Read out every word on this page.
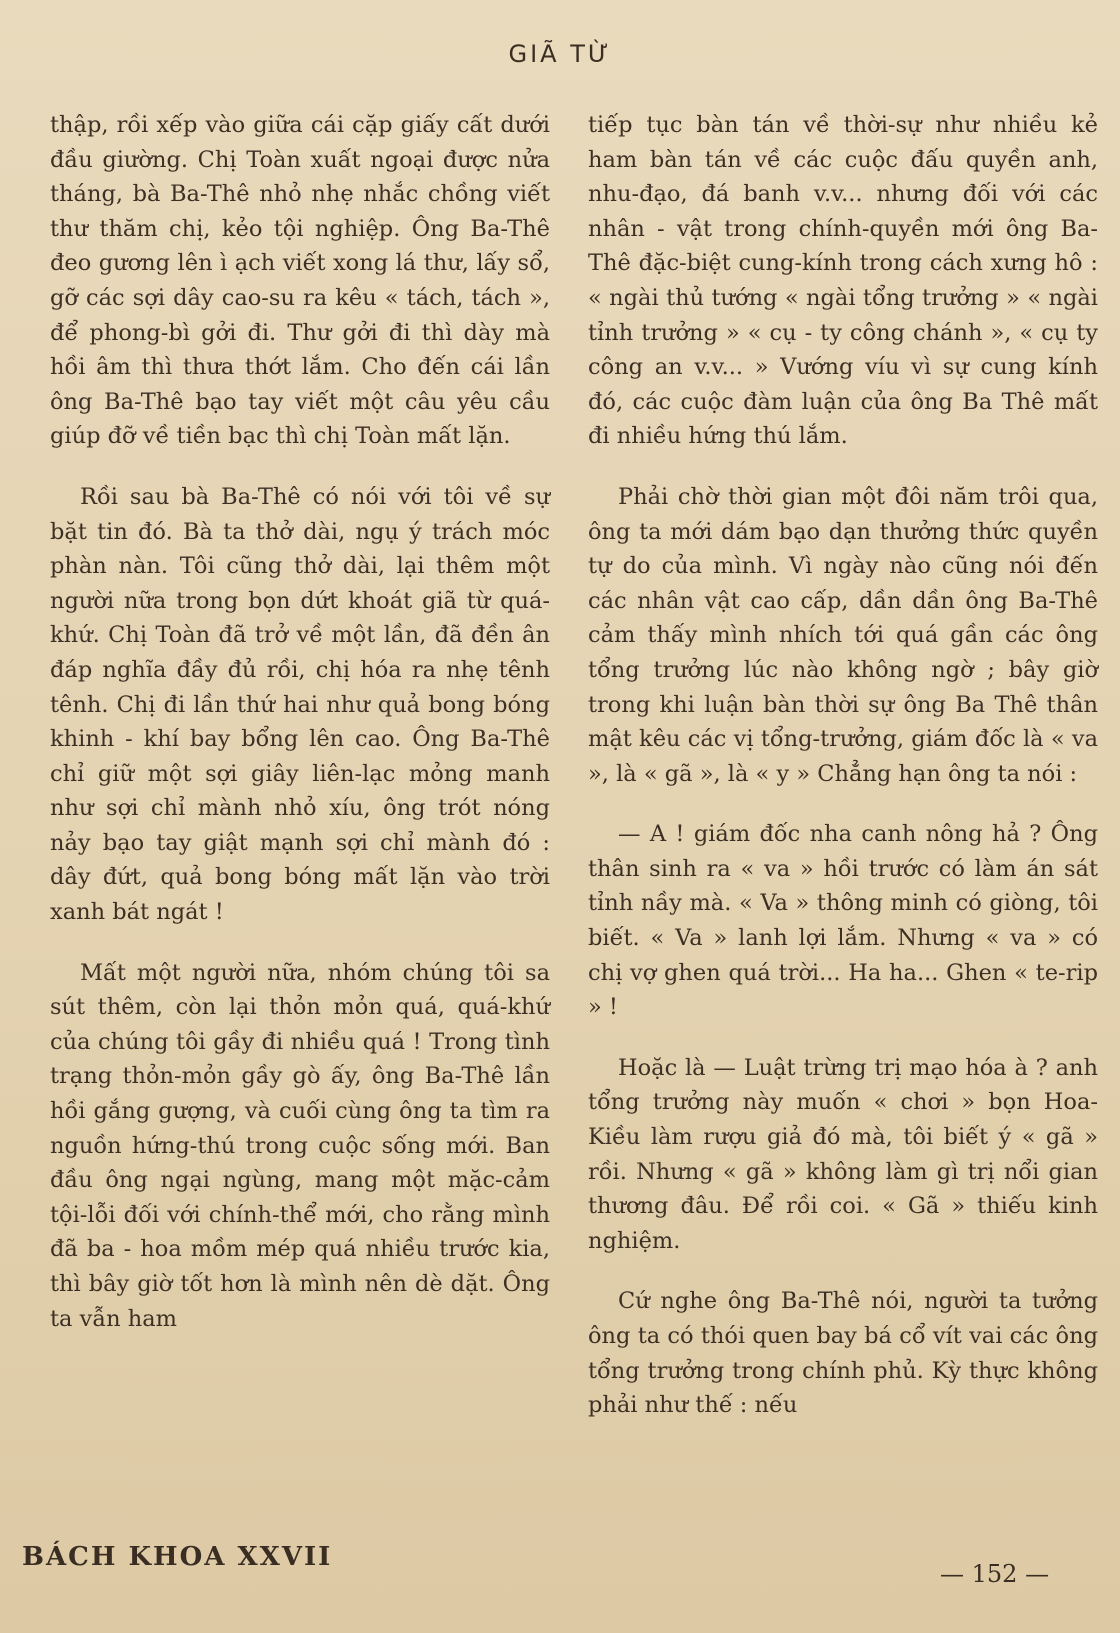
GIÃ TỪ

thập, rồi xếp vào giữa cái cặp giấy cất dưới đầu giường. Chị Toàn xuất ngoại được nửa tháng, bà Ba-Thê nhỏ nhẹ nhắc chồng viết thư thăm chị, kẻo tội nghiệp. Ông Ba-Thê đeo gương lên ì ạch viết xong lá thư, lấy sổ, gỡ các sợi dây cao-su ra kêu « tách, tách », để phong-bì gởi đi. Thư gởi đi thì dày mà hồi âm thì thưa thớt lắm. Cho đến cái lần ông Ba-Thê bạo tay viết một câu yêu cầu giúp đỡ về tiền bạc thì chị Toàn mất lặn.

Rồi sau bà Ba-Thê có nói với tôi về sự bặt tin đó. Bà ta thở dài, ngụ ý trách móc phàn nàn. Tôi cũng thở dài, lại thêm một người nữa trong bọn dứt khoát giã từ quá-khứ. Chị Toàn đã trở về một lần, đã đền ân đáp nghĩa đầy đủ rồi, chị hóa ra nhẹ tênh tênh. Chị đi lần thứ hai như quả bong bóng khinh - khí bay bổng lên cao. Ông Ba-Thê chỉ giữ một sợi giây liên-lạc mỏng manh như sợi chỉ mành nhỏ xíu, ông trót nóng nảy bạo tay giật mạnh sợi chỉ mành đó : dây đứt, quả bong bóng mất lặn vào trời xanh bát ngát !

Mất một người nữa, nhóm chúng tôi sa sút thêm, còn lại thỏn mỏn quá, quá-khứ của chúng tôi gầy đi nhiều quá ! Trong tình trạng thỏn-mỏn gầy gò ấy, ông Ba-Thê lần hồi gắng gượng, và cuối cùng ông ta tìm ra nguồn hứng-thú trong cuộc sống mới. Ban đầu ông ngại ngùng, mang một mặc-cảm tội-lỗi đối với chính-thể mới, cho rằng mình đã ba - hoa mồm mép quá nhiều trước kia, thì bây giờ tốt hơn là mình nên dè dặt. Ông ta vẫn ham

tiếp tục bàn tán về thời-sự như nhiều kẻ ham bàn tán về các cuộc đấu quyền anh, nhu-đạo, đá banh v.v... nhưng đối với các nhân - vật trong chính-quyền mới ông Ba-Thê đặc-biệt cung-kính trong cách xưng hô : « ngài thủ tướng « ngài tổng trưởng » « ngài tỉnh trưởng » « cụ - ty công chánh », « cụ ty công an v.v... » Vướng víu vì sự cung kính đó, các cuộc đàm luận của ông Ba Thê mất đi nhiều hứng thú lắm.

Phải chờ thời gian một đôi năm trôi qua, ông ta mới dám bạo dạn thưởng thức quyền tự do của mình. Vì ngày nào cũng nói đến các nhân vật cao cấp, dần dần ông Ba-Thê cảm thấy mình nhích tới quá gần các ông tổng trưởng lúc nào không ngờ ; bây giờ trong khi luận bàn thời sự ông Ba Thê thân mật kêu các vị tổng-trưởng, giám đốc là « va », là « gã », là « y » Chẳng hạn ông ta nói :

— A ! giám đốc nha canh nông hả ? Ông thân sinh ra « va » hồi trước có làm án sát tỉnh nầy mà. « Va » thông minh có giòng, tôi biết. « Va » lanh lợi lắm. Nhưng « va » có chị vợ ghen quá trời... Ha ha... Ghen « te-rip » !

Hoặc là — Luật trừng trị mạo hóa à ? anh tổng trưởng này muốn « chơi » bọn Hoa-Kiều làm rượu giả đó mà, tôi biết ý « gã » rồi. Nhưng « gã » không làm gì trị nổi gian thương đâu. Để rồi coi. « Gã » thiếu kinh nghiệm.

Cứ nghe ông Ba-Thê nói, người ta tưởng ông ta có thói quen bay bá cổ vít vai các ông tổng trưởng trong chính phủ. Kỳ thực không phải như thế : nếu

BÁCH KHOA XXVII
— 152 —
